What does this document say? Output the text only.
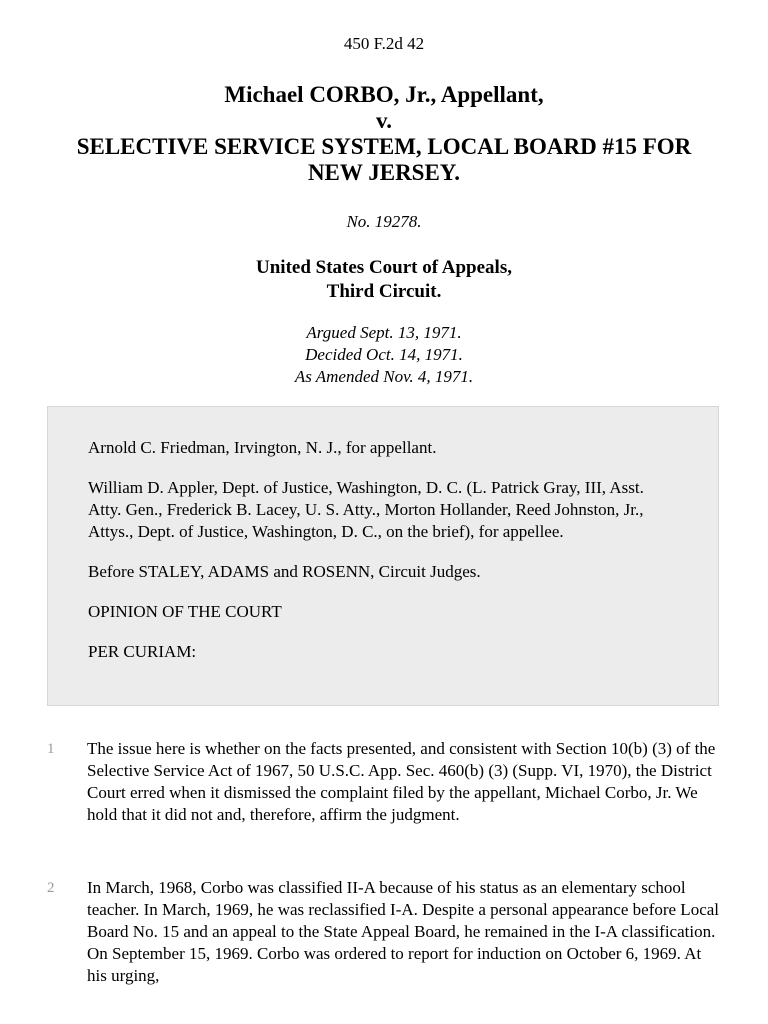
450 F.2d 42
Michael CORBO, Jr., Appellant,
v.
SELECTIVE SERVICE SYSTEM, LOCAL BOARD #15 FOR
NEW JERSEY.
No. 19278.
United States Court of Appeals,
Third Circuit.
Argued Sept. 13, 1971.
Decided Oct. 14, 1971.
As Amended Nov. 4, 1971.

Arnold C. Friedman, Irvington, N. J., for appellant.

William D. Appler, Dept. of Justice, Washington, D. C. (L. Patrick Gray, III, Asst. Atty. Gen., Frederick B. Lacey, U. S. Atty., Morton Hollander, Reed Johnston, Jr., Attys., Dept. of Justice, Washington, D. C., on the brief), for appellee.

Before STALEY, ADAMS and ROSENN, Circuit Judges.

OPINION OF THE COURT

PER CURIAM:

1 The issue here is whether on the facts presented, and consistent with Section 10(b) (3) of the Selective Service Act of 1967, 50 U.S.C. App. Sec. 460(b) (3) (Supp. VI, 1970), the District Court erred when it dismissed the complaint filed by the appellant, Michael Corbo, Jr. We hold that it did not and, therefore, affirm the judgment.
2 In March, 1968, Corbo was classified II-A because of his status as an elementary school teacher. In March, 1969, he was reclassified I-A. Despite a personal appearance before Local Board No. 15 and an appeal to the State Appeal Board, he remained in the I-A classification. On September 15, 1969. Corbo was ordered to report for induction on October 6, 1969. At his urging,
